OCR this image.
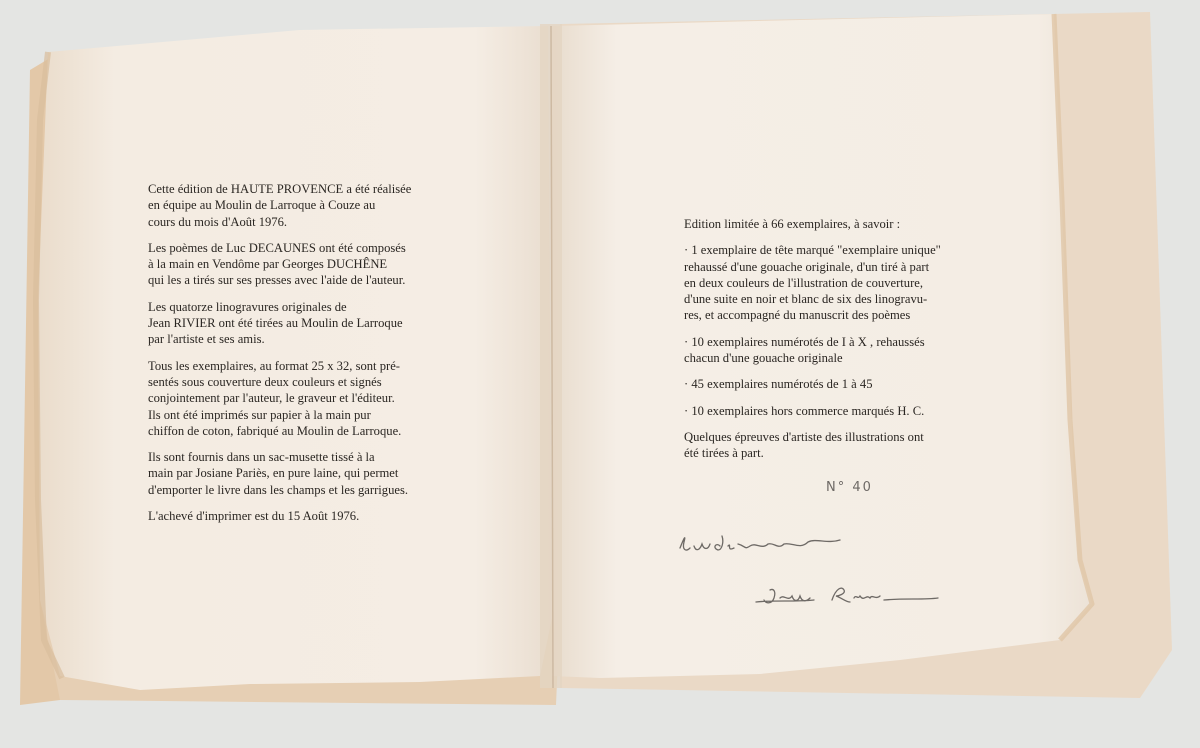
Cette édition de HAUTE PROVENCE a été réalisée
en équipe au Moulin de Larroque à Couze au
cours du mois d'Août 1976.

Les poèmes de Luc DECAUNES ont été composés
à la main en Vendôme par Georges DUCHÊNE
qui les a tirés sur ses presses avec l'aide de l'auteur.

Les quatorze linogravures originales de
Jean RIVIER ont été tirées au Moulin de Larroque
par l'artiste et ses amis.

Tous les exemplaires, au format 25 x 32, sont pré-
sentés sous couverture deux couleurs et signés
conjointement par l'auteur, le graveur et l'éditeur.
Ils ont été imprimés sur papier à la main pur
chiffon de coton, fabriqué au Moulin de Larroque.

Ils sont fournis dans un sac-musette tissé à la
main par Josiane Pariès, en pure laine, qui permet
d'emporter le livre dans les champs et les garrigues.

L'achevé d'imprimer est du 15 Août 1976.

Edition limitée à 66 exemplaires, à savoir :

· 1 exemplaire de tête marqué "exemplaire unique"
rehaussé d'une gouache originale, d'un tiré à part
en deux couleurs de l'illustration de couverture,
d'une suite en noir et blanc de six des linogravu-
res, et accompagné du manuscrit des poèmes

· 10 exemplaires numérotés de I à X , rehaussés
chacun d'une gouache originale

· 45 exemplaires numérotés de 1 à 45

· 10 exemplaires hors commerce marqués H. C.

Quelques épreuves d'artiste des illustrations ont
été tirées à part.

N° 40
